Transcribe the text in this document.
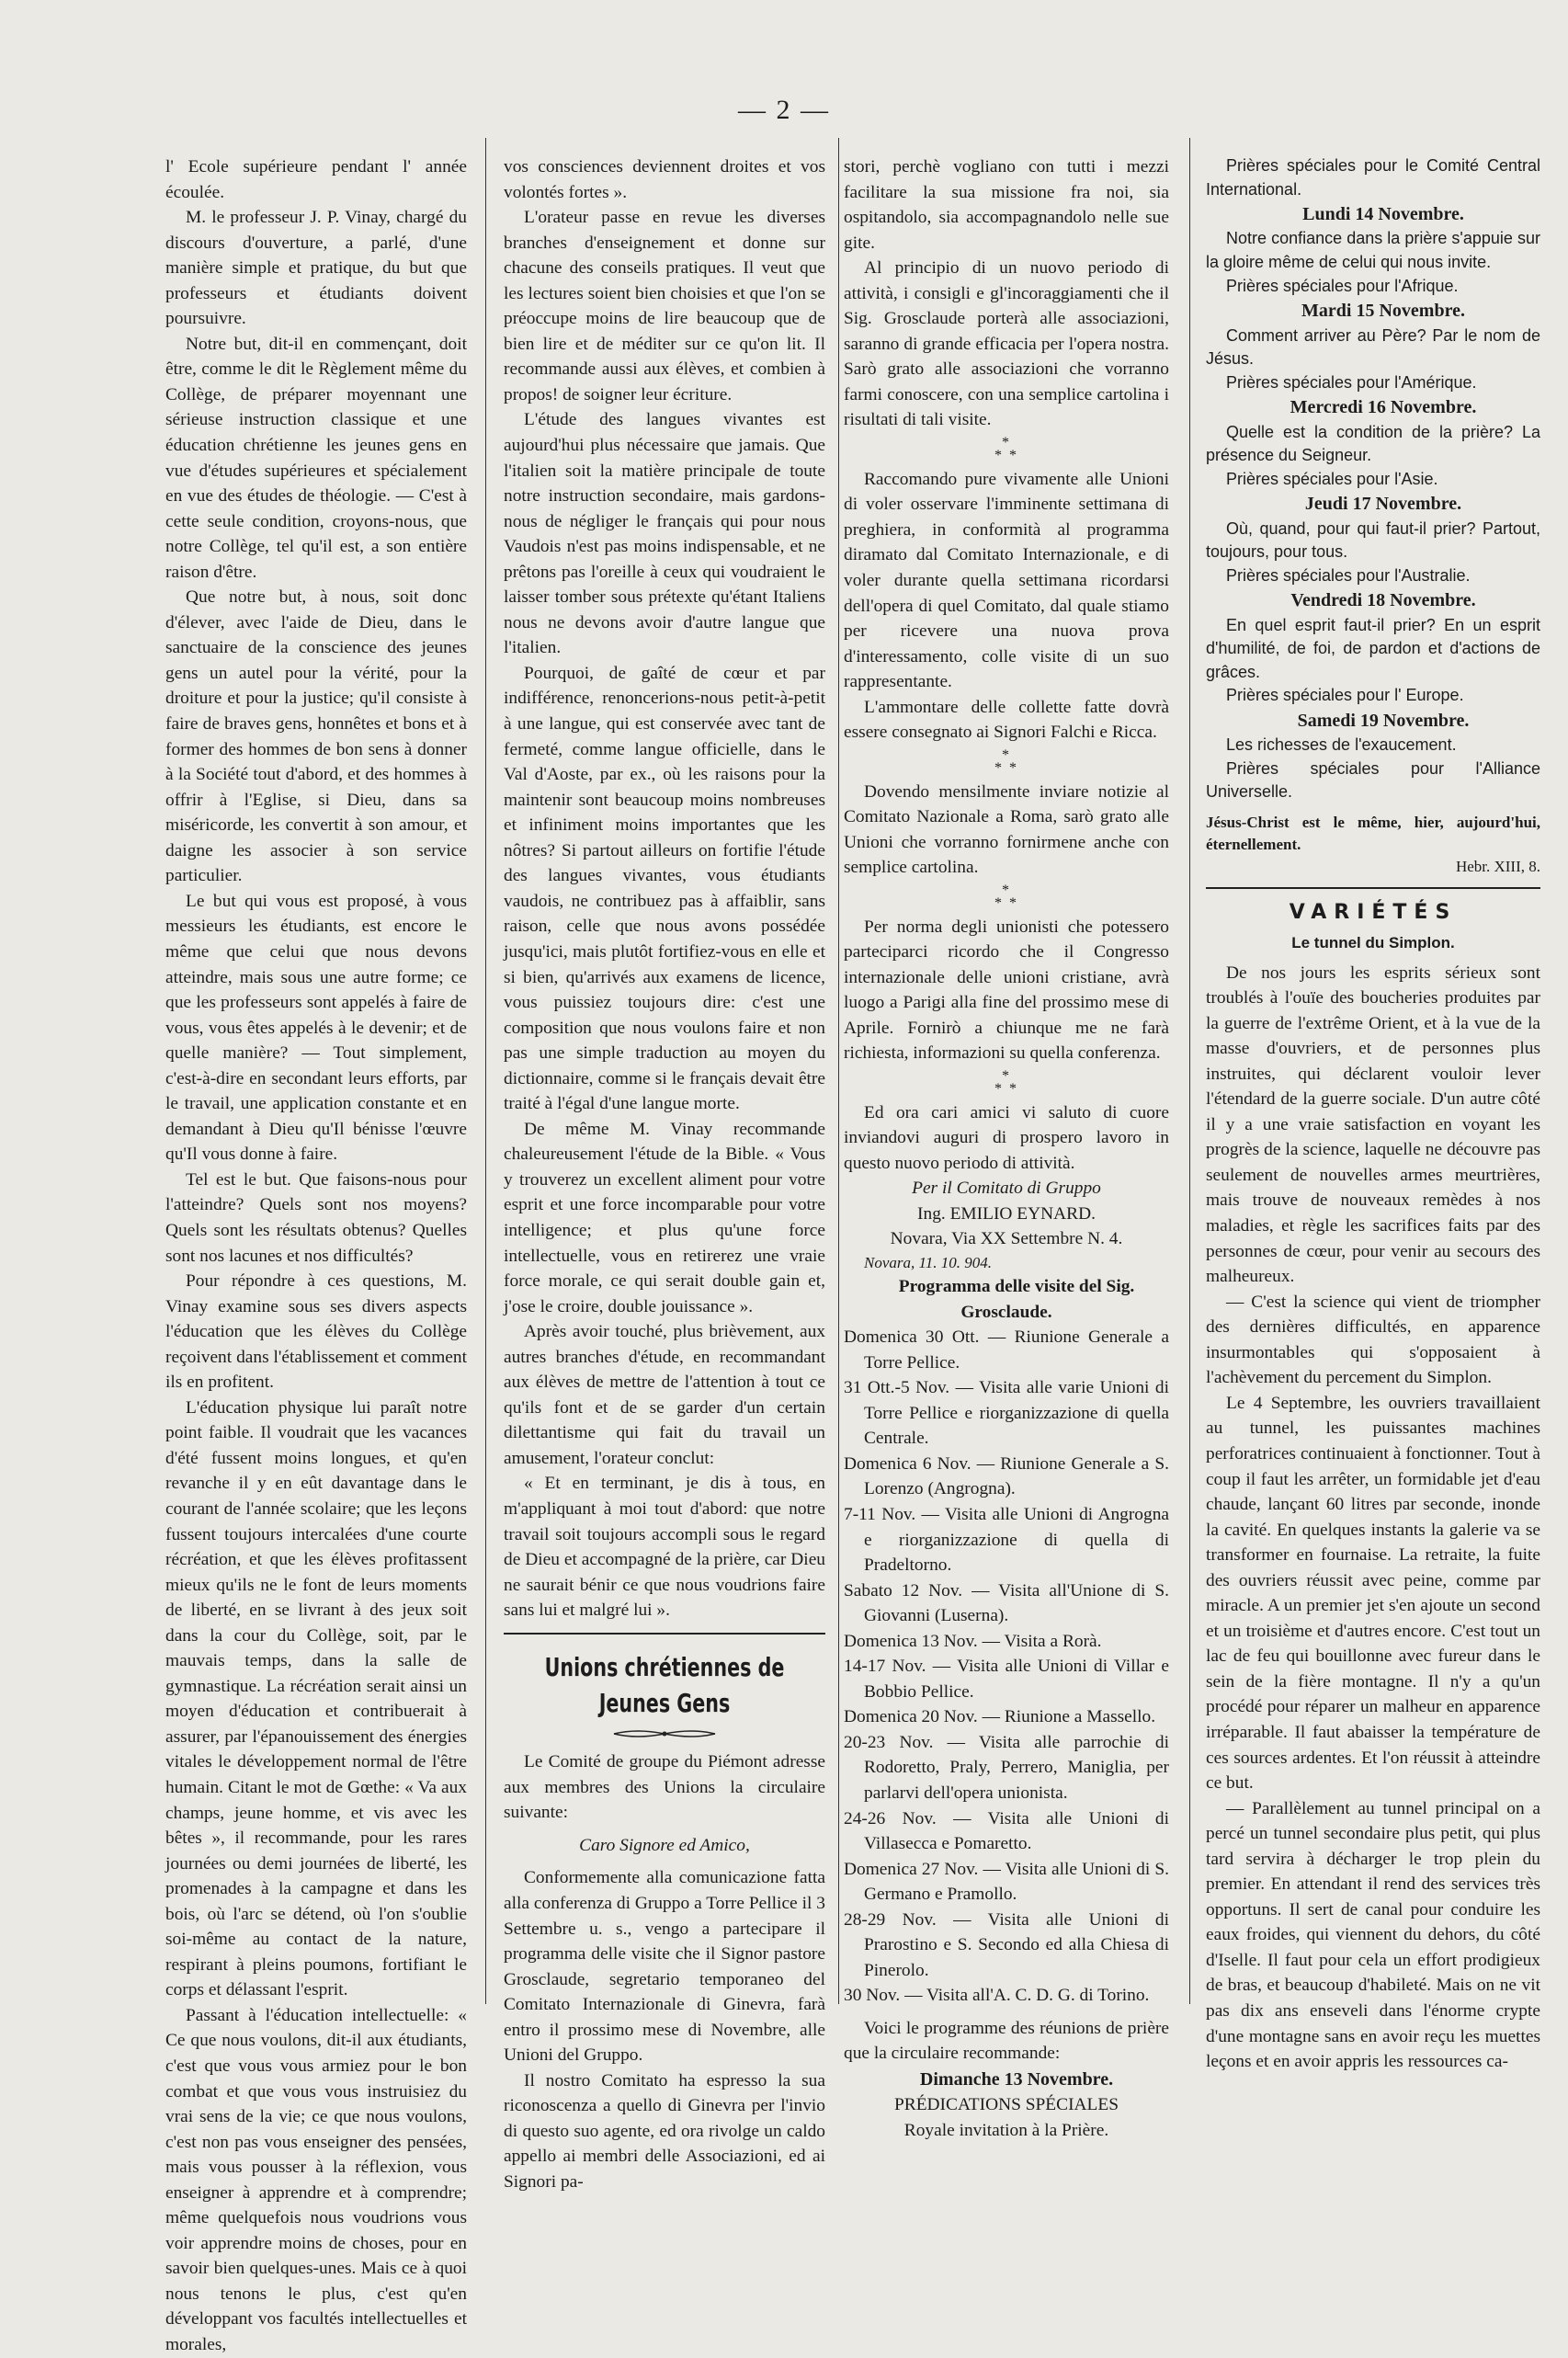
— 2 —

l' Ecole supérieure pendant l' année écoulée.

M. le professeur J. P. Vinay, chargé du discours d'ouverture, a parlé, d'une manière simple et pratique, du but que professeurs et étudiants doivent poursuivre.

Notre but, dit-il en commençant, doit être, comme le dit le Règlement même du Collège, de préparer moyennant une sérieuse instruction classique et une éducation chrétienne les jeunes gens en vue d'études supérieures et spécialement en vue des études de théologie. — C'est à cette seule condition, croyons-nous, que notre Collège, tel qu'il est, a son entière raison d'être.

Que notre but, à nous, soit donc d'élever, avec l'aide de Dieu, dans le sanctuaire de la conscience des jeunes gens un autel pour la vérité, pour la droiture et pour la justice; qu'il consiste à faire de braves gens, honnêtes et bons et à former des hommes de bon sens à donner à la Société tout d'abord, et des hommes à offrir à l'Eglise, si Dieu, dans sa miséricorde, les convertit à son amour, et daigne les associer à son service particulier.

Le but qui vous est proposé, à vous messieurs les étudiants, est encore le même que celui que nous devons atteindre, mais sous une autre forme; ce que les professeurs sont appelés à faire de vous, vous êtes appelés à le devenir; et de quelle manière? — Tout simplement, c'est-à-dire en secondant leurs efforts, par le travail, une application constante et en demandant à Dieu qu'Il bénisse l'œuvre qu'Il vous donne à faire.

Tel est le but. Que faisons-nous pour l'atteindre? Quels sont nos moyens? Quels sont les résultats obtenus? Quelles sont nos lacunes et nos difficultés?

Pour répondre à ces questions, M. Vinay examine sous ses divers aspects l'éducation que les élèves du Collège reçoivent dans l'établissement et comment ils en profitent.

L'éducation physique lui paraît notre point faible. Il voudrait que les vacances d'été fussent moins longues, et qu'en revanche il y en eût davantage dans le courant de l'année scolaire; que les leçons fussent toujours intercalées d'une courte récréation, et que les élèves profitassent mieux qu'ils ne le font de leurs moments de liberté, en se livrant à des jeux soit dans la cour du Collège, soit, par le mauvais temps, dans la salle de gymnastique. La récréation serait ainsi un moyen d'éducation et contribuerait à assurer, par l'épanouissement des énergies vitales le développement normal de l'être humain. Citant le mot de Gœthe: « Va aux champs, jeune homme, et vis avec les bêtes », il recommande, pour les rares journées ou demi journées de liberté, les promenades à la campagne et dans les bois, où l'arc se détend, où l'on s'oublie soi-même au contact de la nature, respirant à pleins poumons, fortifiant le corps et délassant l'esprit.

Passant à l'éducation intellectuelle: « Ce que nous voulons, dit-il aux étudiants, c'est que vous vous armiez pour le bon combat et que vous vous instruisiez du vrai sens de la vie; ce que nous voulons, c'est non pas vous enseigner des pensées, mais vous pousser à la réflexion, vous enseigner à apprendre et à comprendre; même quelquefois nous voudrions vous voir apprendre moins de choses, pour en savoir bien quelques-unes. Mais ce à quoi nous tenons le plus, c'est qu'en développant vos facultés intellectuelles et morales,

vos consciences deviennent droites et vos volontés fortes ».

L'orateur passe en revue les diverses branches d'enseignement et donne sur chacune des conseils pratiques. Il veut que les lectures soient bien choisies et que l'on se préoccupe moins de lire beaucoup que de bien lire et de méditer sur ce qu'on lit. Il recommande aussi aux élèves, et combien à propos! de soigner leur écriture.

L'étude des langues vivantes est aujourd'hui plus nécessaire que jamais. Que l'italien soit la matière principale de toute notre instruction secondaire, mais gardons-nous de négliger le français qui pour nous Vaudois n'est pas moins indispensable, et ne prêtons pas l'oreille à ceux qui voudraient le laisser tomber sous prétexte qu'étant Italiens nous ne devons avoir d'autre langue que l'italien.

Pourquoi, de gaîté de cœur et par indifférence, renoncerions-nous petit-à-petit à une langue, qui est conservée avec tant de fermeté, comme langue officielle, dans le Val d'Aoste, par ex., où les raisons pour la maintenir sont beaucoup moins nombreuses et infiniment moins importantes que les nôtres? Si partout ailleurs on fortifie l'étude des langues vivantes, vous étudiants vaudois, ne contribuez pas à affaiblir, sans raison, celle que nous avons possédée jusqu'ici, mais plutôt fortifiez-vous en elle et si bien, qu'arrivés aux examens de licence, vous puissiez toujours dire: c'est une composition que nous voulons faire et non pas une simple traduction au moyen du dictionnaire, comme si le français devait être traité à l'égal d'une langue morte.

De même M. Vinay recommande chaleureusement l'étude de la Bible. « Vous y trouverez un excellent aliment pour votre esprit et une force incomparable pour votre intelligence; et plus qu'une force intellectuelle, vous en retirerez une vraie force morale, ce qui serait double gain et, j'ose le croire, double jouissance ».

Après avoir touché, plus brièvement, aux autres branches d'étude, en recommandant aux élèves de mettre de l'attention à tout ce qu'ils font et de se garder d'un certain dilettantisme qui fait du travail un amusement, l'orateur conclut:

« Et en terminant, je dis à tous, en m'appliquant à moi tout d'abord: que notre travail soit toujours accompli sous le regard de Dieu et accompagné de la prière, car Dieu ne saurait bénir ce que nous voudrions faire sans lui et malgré lui ».

Unions chrétiennes de Jeunes Gens

Le Comité de groupe du Piémont adresse aux membres des Unions la circulaire suivante:

Caro Signore ed Amico,

Conformemente alla comunicazione fatta alla conferenza di Gruppo a Torre Pellice il 3 Settembre u. s., vengo a partecipare il programma delle visite che il Signor pastore Grosclaude, segretario temporaneo del Comitato Internazionale di Ginevra, farà entro il prossimo mese di Novembre, alle Unioni del Gruppo.

Il nostro Comitato ha espresso la sua riconoscenza a quello di Ginevra per l'invio di questo suo agente, ed ora rivolge un caldo appello ai membri delle Associazioni, ed ai Signori pa-

stori, perchè vogliano con tutti i mezzi facilitare la sua missione fra noi, sia ospitandolo, sia accompagnandolo nelle sue gite.

Al principio di un nuovo periodo di attività, i consigli e gl'incoraggiamenti che il Sig. Grosclaude porterà alle associazioni, saranno di grande efficacia per l'opera nostra. Sarò grato alle associazioni che vorranno farmi conoscere, con una semplice cartolina i risultati di tali visite.

*
* *

Raccomando pure vivamente alle Unioni di voler osservare l'imminente settimana di preghiera, in conformità al programma diramato dal Comitato Internazionale, e di voler durante quella settimana ricordarsi dell'opera di quel Comitato, dal quale stiamo per ricevere una nuova prova d'interessamento, colle visite di un suo rappresentante.

L'ammontare delle collette fatte dovrà essere consegnato ai Signori Falchi e Ricca.

*
* *

Dovendo mensilmente inviare notizie al Comitato Nazionale a Roma, sarò grato alle Unioni che vorranno fornirmene anche con semplice cartolina.

*
* *

Per norma degli unionisti che potessero parteciparci ricordo che il Congresso internazionale delle unioni cristiane, avrà luogo a Parigi alla fine del prossimo mese di Aprile. Fornirò a chiunque me ne farà richiesta, informazioni su quella conferenza.

*
* *

Ed ora cari amici vi saluto di cuore inviandovi auguri di prospero lavoro in questo nuovo periodo di attività.

Per il Comitato di Gruppo

Ing. EMILIO EYNARD.

Novara, Via XX Settembre N. 4.

Novara, 11. 10. 904.

Programma delle visite del Sig. Grosclaude.

Domenica 30 Ott. — Riunione Generale a Torre Pellice.
31 Ott.-5 Nov. — Visita alle varie Unioni di Torre Pellice e riorganizzazione di quella Centrale.
Domenica 6 Nov. — Riunione Generale a S. Lorenzo (Angrogna).
7-11 Nov. — Visita alle Unioni di Angrogna e riorganizzazione di quella di Pradeltorno.
Sabato 12 Nov. — Visita all'Unione di S. Giovanni (Luserna).
Domenica 13 Nov. — Visita a Rorà.
14-17 Nov. — Visita alle Unioni di Villar e Bobbio Pellice.
Domenica 20 Nov. — Riunione a Massello.
20-23 Nov. — Visita alle parrochie di Rodoretto, Praly, Perrero, Maniglia, per parlarvi dell'opera unionista.
24-26 Nov. — Visita alle Unioni di Villasecca e Pomaretto.
Domenica 27 Nov. — Visita alle Unioni di S. Germano e Pramollo.
28-29 Nov. — Visita alle Unioni di Prarostino e S. Secondo ed alla Chiesa di Pinerolo.
30 Nov. — Visita all'A. C. D. G. di Torino.

Voici le programme des réunions de prière que la circulaire recommande:

Dimanche 13 Novembre.

PRÉDICATIONS SPÉCIALES

Royale invitation à la Prière.

Prières spéciales pour le Comité Central International.

Lundi 14 Novembre.

Notre confiance dans la prière s'appuie sur la gloire même de celui qui nous invite.

Prières spéciales pour l'Afrique.

Mardi 15 Novembre.

Comment arriver au Père? Par le nom de Jésus.

Prières spéciales pour l'Amérique.

Mercredi 16 Novembre.

Quelle est la condition de la prière? La présence du Seigneur.

Prières spéciales pour l'Asie.

Jeudi 17 Novembre.

Où, quand, pour qui faut-il prier? Partout, toujours, pour tous.

Prières spéciales pour l'Australie.

Vendredi 18 Novembre.

En quel esprit faut-il prier? En un esprit d'humilité, de foi, de pardon et d'actions de grâces.

Prières spéciales pour l' Europe.

Samedi 19 Novembre.

Les richesses de l'exaucement.

Prières spéciales pour l'Alliance Universelle.

Jésus-Christ est le même, hier, aujourd'hui, éternellement.

Hebr. XIII, 8.

VARIÉTÉS
Le tunnel du Simplon.

De nos jours les esprits sérieux sont troublés à l'ouïe des boucheries produites par la guerre de l'extrême Orient, et à la vue de la masse d'ouvriers, et de personnes plus instruites, qui déclarent vouloir lever l'étendard de la guerre sociale. D'un autre côté il y a une vraie satisfaction en voyant les progrès de la science, laquelle ne découvre pas seulement de nouvelles armes meurtrières, mais trouve de nouveaux remèdes à nos maladies, et règle les sacrifices faits par des personnes de cœur, pour venir au secours des malheureux.

— C'est la science qui vient de triompher des dernières difficultés, en apparence insurmontables qui s'opposaient à l'achèvement du percement du Simplon.

Le 4 Septembre, les ouvriers travaillaient au tunnel, les puissantes machines perforatrices continuaient à fonctionner. Tout à coup il faut les arrêter, un formidable jet d'eau chaude, lançant 60 litres par seconde, inonde la cavité. En quelques instants la galerie va se transformer en fournaise. La retraite, la fuite des ouvriers réussit avec peine, comme par miracle. A un premier jet s'en ajoute un second et un troisième et d'autres encore. C'est tout un lac de feu qui bouillonne avec fureur dans le sein de la fière montagne. Il n'y a qu'un procédé pour réparer un malheur en apparence irréparable. Il faut abaisser la température de ces sources ardentes. Et l'on réussit à atteindre ce but.

— Parallèlement au tunnel principal on a percé un tunnel secondaire plus petit, qui plus tard servira à décharger le trop plein du premier. En attendant il rend des services très opportuns. Il sert de canal pour conduire les eaux froides, qui viennent du dehors, du côté d'Iselle. Il faut pour cela un effort prodigieux de bras, et beaucoup d'habileté. Mais on ne vit pas dix ans enseveli dans l'énorme crypte d'une montagne sans en avoir reçu les muettes leçons et en avoir appris les ressources ca-
